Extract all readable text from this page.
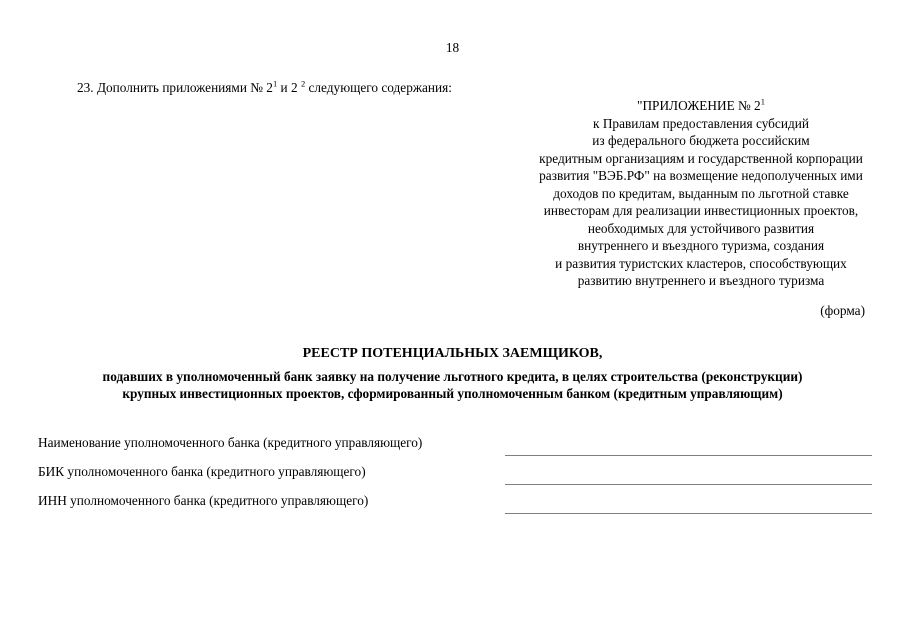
18
23. Дополнить приложениями № $2^1$ и 2 $^2$ следующего содержания:
"ПРИЛОЖЕНИЕ № $2^1$
к Правилам предоставления субсидий
из федерального бюджета российским
кредитным организациям и государственной корпорации
развития "ВЭБ.РФ" на возмещение недополученных ими
доходов по кредитам, выданным по льготной ставке
инвесторам для реализации инвестиционных проектов,
необходимых для устойчивого развития
внутреннего и въездного туризма, создания
и развития туристских кластеров, способствующих
развитию внутреннего и въездного туризма
(форма)
РЕЕСТР ПОТЕНЦИАЛЬНЫХ ЗАЕМЩИКОВ,
подавших в уполномоченный банк заявку на получение льготного кредита, в целях строительства (реконструкции)
крупных инвестиционных проектов, сформированный уполномоченным банком (кредитным управляющим)
Наименование уполномоченного банка (кредитного управляющего)
БИК уполномоченного банка (кредитного управляющего)
ИНН уполномоченного банка (кредитного управляющего)
